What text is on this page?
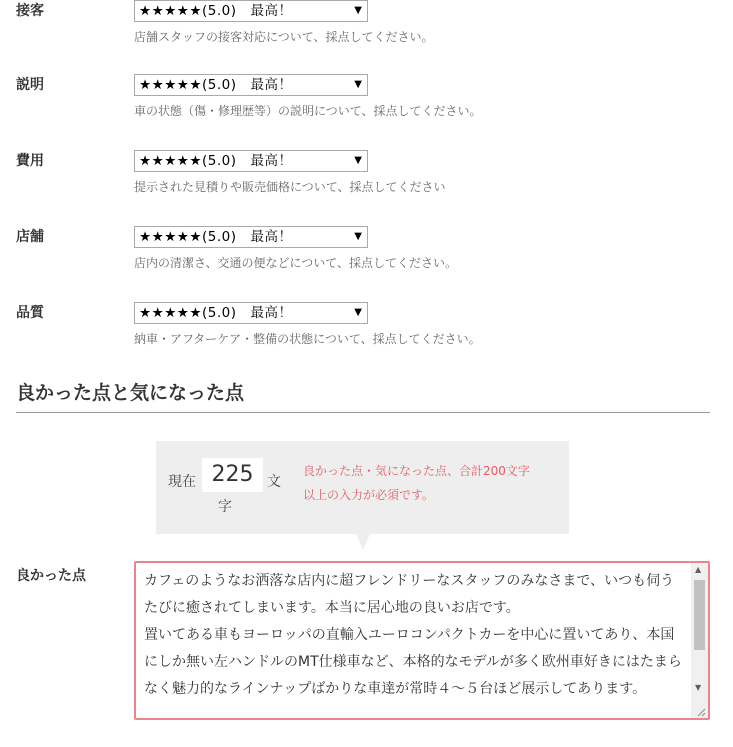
接客	★★★★★(5.0)　最高！	▼
店舗スタッフの接客対応について、採点してください。
説明	★★★★★(5.0)　最高！	▼
車の状態（傷・修理歴等）の説明について、採点してください。
費用	★★★★★(5.0)　最高！	▼
提示された見積りや販売価格について、採点してください
店舗	★★★★★(5.0)　最高！	▼
店内の清潔さ、交通の便などについて、採点してください。
品質	★★★★★(5.0)　最高！	▼
納車・アフターケア・整備の状態について、採点してください。
良かった点と気になった点
現在 225 文
字
良かった点・気になった点、合計200文字
以上の入力が必須です。
良かった点	カフェのようなお洒落な店内に超フレンドリーなスタッフのみなさまで、いつも伺うたびに癒されてしまいます。本当に居心地の良いお店です。
置いてある車もヨーロッパの直輸入ユーロコンパクトカーを中心に置いてあり、本国にしか無い左ハンドルのMT仕様車など、本格的なモデルが多く欧州車好きにはたまらなく魅力的なラインナップばかりな車達が常時４～５台ほど展示してあります。
▲
▼
